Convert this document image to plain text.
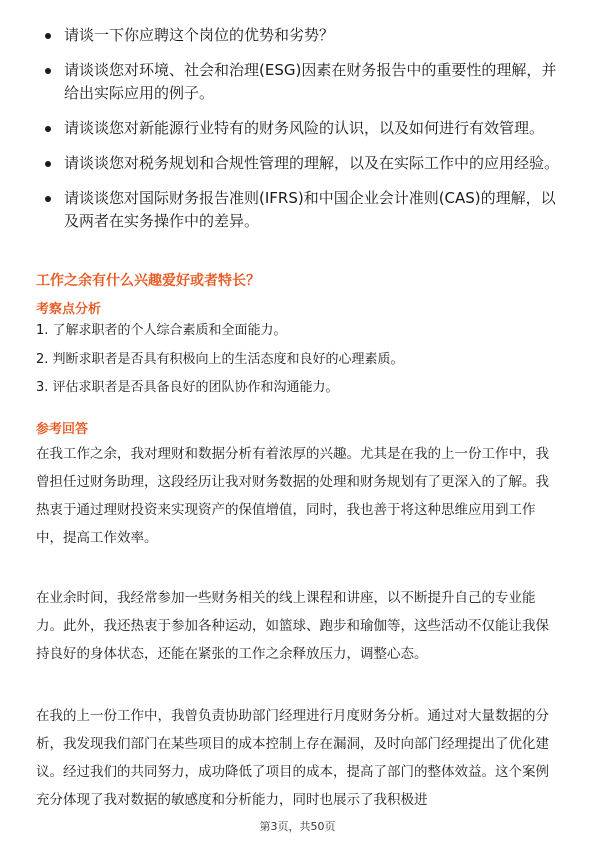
请谈一下你应聘这个岗位的优势和劣势？
请谈谈您对环境、社会和治理(ESG)因素在财务报告中的重要性的理解，并给出实际应用的例子。
请谈谈您对新能源行业特有的财务风险的认识，以及如何进行有效管理。
请谈谈您对税务规划和合规性管理的理解，以及在实际工作中的应用经验。
请谈谈您对国际财务报告准则(IFRS)和中国企业会计准则(CAS)的理解，以及两者在实务操作中的差异。
工作之余有什么兴趣爱好或者特长？
考察点分析
1. 了解求职者的个人综合素质和全面能力。
2. 判断求职者是否具有积极向上的生活态度和良好的心理素质。
3. 评估求职者是否具备良好的团队协作和沟通能力。
参考回答

在我工作之余，我对理财和数据分析有着浓厚的兴趣。尤其是在我的上一份工作中，我曾担任过财务助理，这段经历让我对财务数据的处理和财务规划有了更深入的了解。我热衷于通过理财投资来实现资产的保值增值，同时，我也善于将这种思维应用到工作中，提高工作效率。

在业余时间，我经常参加一些财务相关的线上课程和讲座，以不断提升自己的专业能力。此外，我还热衷于参加各种运动，如篮球、跑步和瑜伽等，这些活动不仅能让我保持良好的身体状态，还能在紧张的工作之余释放压力，调整心态。

在我的上一份工作中，我曾负责协助部门经理进行月度财务分析。通过对大量数据的分析，我发现我们部门在某些项目的成本控制上存在漏洞，及时向部门经理提出了优化建议。经过我们的共同努力，成功降低了项目的成本，提高了部门的整体效益。这个案例充分体现了我对数据的敏感度和分析能力，同时也展示了我积极进

第3页，共50页
